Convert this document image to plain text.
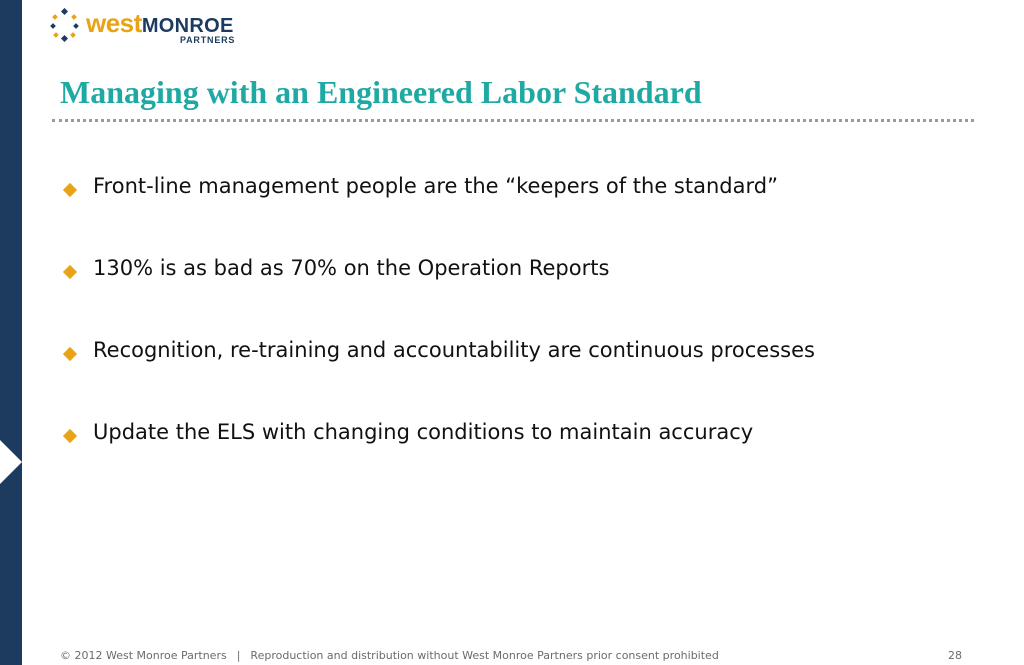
westMONROE
PARTNERS
Managing with an Engineered Labor Standard
Front-line management people are the “keepers of the standard”
130% is as bad as 70% on the Operation Reports
Recognition, re-training and accountability are continuous processes
Update the ELS with changing conditions to maintain accuracy
© 2012 West Monroe Partners | Reproduction and distribution without West Monroe Partners prior consent prohibited	28
